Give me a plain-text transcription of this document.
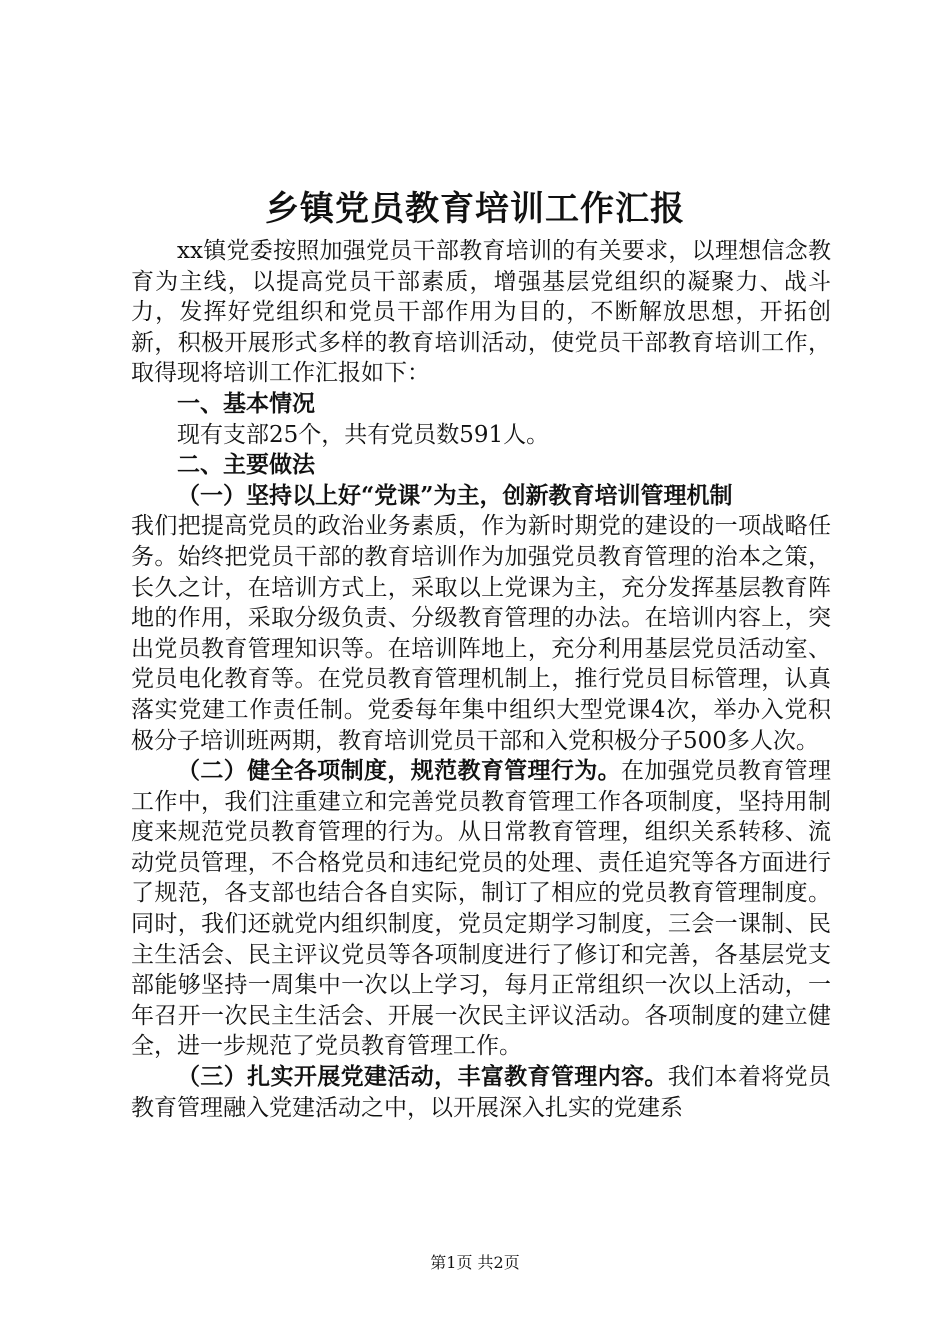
乡镇党员教育培训工作汇报

xx镇党委按照加强党员干部教育培训的有关要求，以理想信念教育为主线，以提高党员干部素质，增强基层党组织的凝聚力、战斗力，发挥好党组织和党员干部作用为目的，不断解放思想，开拓创新，积极开展形式多样的教育培训活动，使党员干部教育培训工作，取得现将培训工作汇报如下：

一、基本情况

现有支部25个，共有党员数591人。

二、主要做法

（一）坚持以上好“党课”为主，创新教育培训管理机制

我们把提高党员的政治业务素质，作为新时期党的建设的一项战略任务。始终把党员干部的教育培训作为加强党员教育管理的治本之策，长久之计，在培训方式上，采取以上党课为主，充分发挥基层教育阵地的作用，采取分级负责、分级教育管理的办法。在培训内容上，突出党员教育管理知识等。在培训阵地上，充分利用基层党员活动室、党员电化教育等。在党员教育管理机制上，推行党员目标管理，认真落实党建工作责任制。党委每年集中组织大型党课4次，举办入党积极分子培训班两期，教育培训党员干部和入党积极分子500多人次。

（二）健全各项制度，规范教育管理行为。在加强党员教育管理工作中，我们注重建立和完善党员教育管理工作各项制度，坚持用制度来规范党员教育管理的行为。从日常教育管理，组织关系转移、流动党员管理，不合格党员和违纪党员的处理、责任追究等各方面进行了规范，各支部也结合各自实际，制订了相应的党员教育管理制度。同时，我们还就党内组织制度，党员定期学习制度，三会一课制、民主生活会、民主评议党员等各项制度进行了修订和完善，各基层党支部能够坚持一周集中一次以上学习，每月正常组织一次以上活动，一年召开一次民主生活会、开展一次民主评议活动。各项制度的建立健全，进一步规范了党员教育管理工作。

（三）扎实开展党建活动，丰富教育管理内容。我们本着将党员教育管理融入党建活动之中，以开展深入扎实的党建系

第1页 共2页
